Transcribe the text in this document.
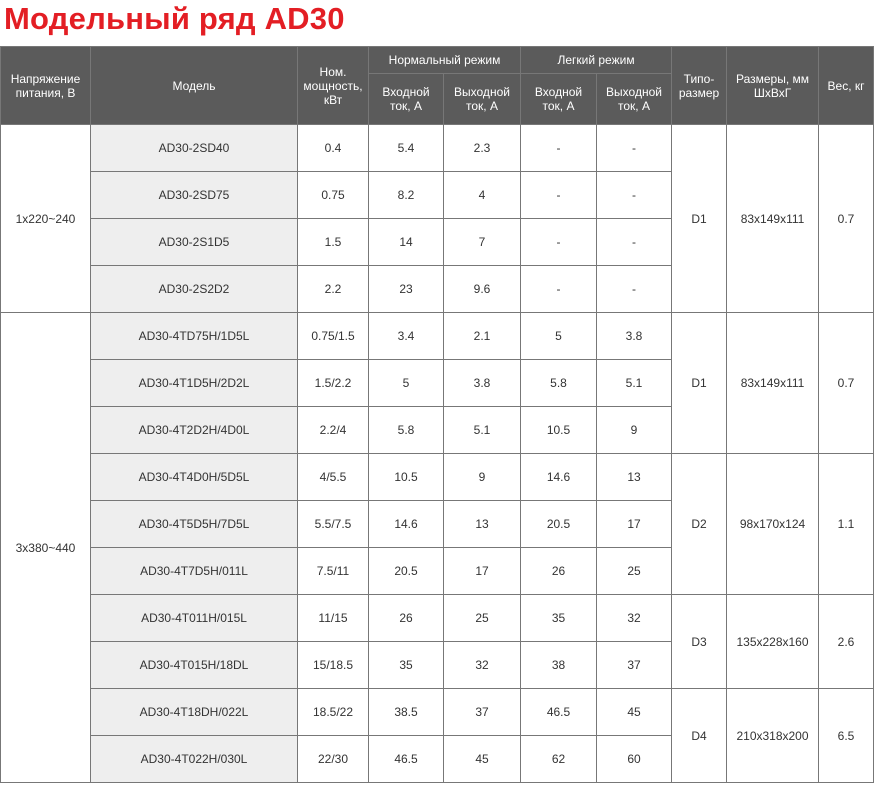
Модельный ряд AD30
Напряжение питания, В	Модель	Ном. мощность, кВт	Нормальный режим		Легкий режим		Типо-размер	Размеры, мм ШхВхГ	Вес, кг
			Входной ток, А	Выходной ток, А	Входной ток, А	Выходной ток, А			
1х220~240	AD30-2SD40	0.4	5.4	2.3	-	-	D1	83х149х111	0.7
	AD30-2SD75	0.75	8.2	4	-	-			
	AD30-2S1D5	1.5	14	7	-	-			
	AD30-2S2D2	2.2	23	9.6	-	-			
3х380~440	AD30-4TD75H/1D5L	0.75/1.5	3.4	2.1	5	3.8	D1	83х149х111	0.7
	AD30-4T1D5H/2D2L	1.5/2.2	5	3.8	5.8	5.1			
	AD30-4T2D2H/4D0L	2.2/4	5.8	5.1	10.5	9			
	AD30-4T4D0H/5D5L	4/5.5	10.5	9	14.6	13	D2	98х170х124	1.1
	AD30-4T5D5H/7D5L	5.5/7.5	14.6	13	20.5	17			
	AD30-4T7D5H/011L	7.5/11	20.5	17	26	25			
	AD30-4T011H/015L	11/15	26	25	35	32	D3	135х228х160	2.6
	AD30-4T015H/18DL	15/18.5	35	32	38	37			
	AD30-4T18DH/022L	18.5/22	38.5	37	46.5	45	D4	210х318х200	6.5
	AD30-4T022H/030L	22/30	46.5	45	62	60			
